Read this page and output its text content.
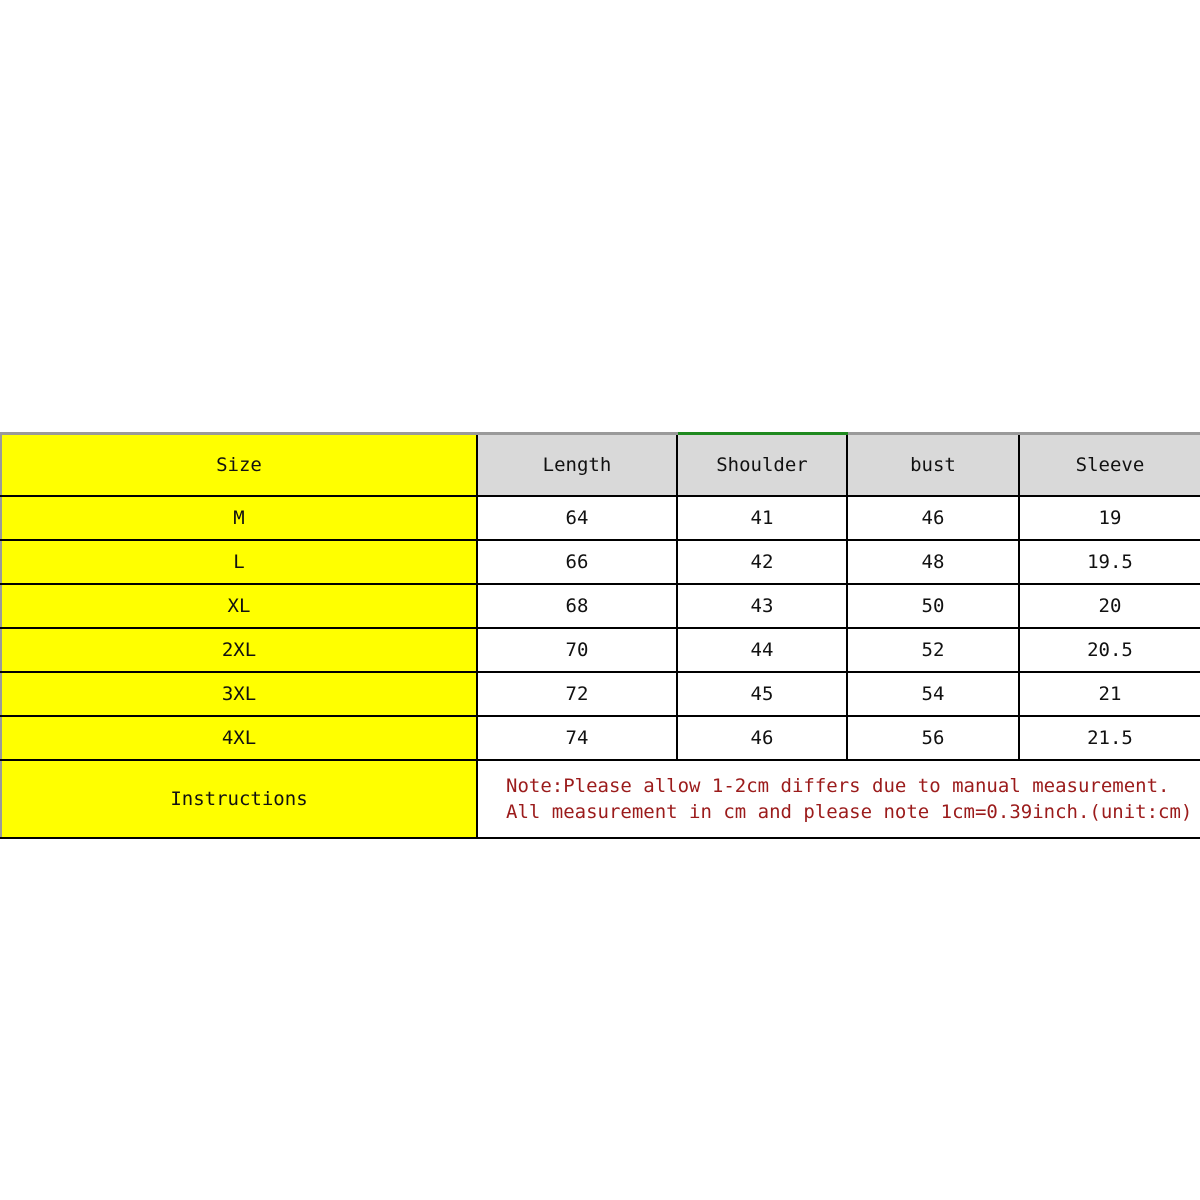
Size	Length	Shoulder	bust	Sleeve
M	64	41	46	19
L	66	42	48	19.5
XL	68	43	50	20
2XL	70	44	52	20.5
3XL	72	45	54	21
4XL	74	46	56	21.5
Instructions	Note:Please allow 1-2cm differs due to manual measurement.
All measurement in cm and please note 1cm=0.39inch.(unit:cm)			
